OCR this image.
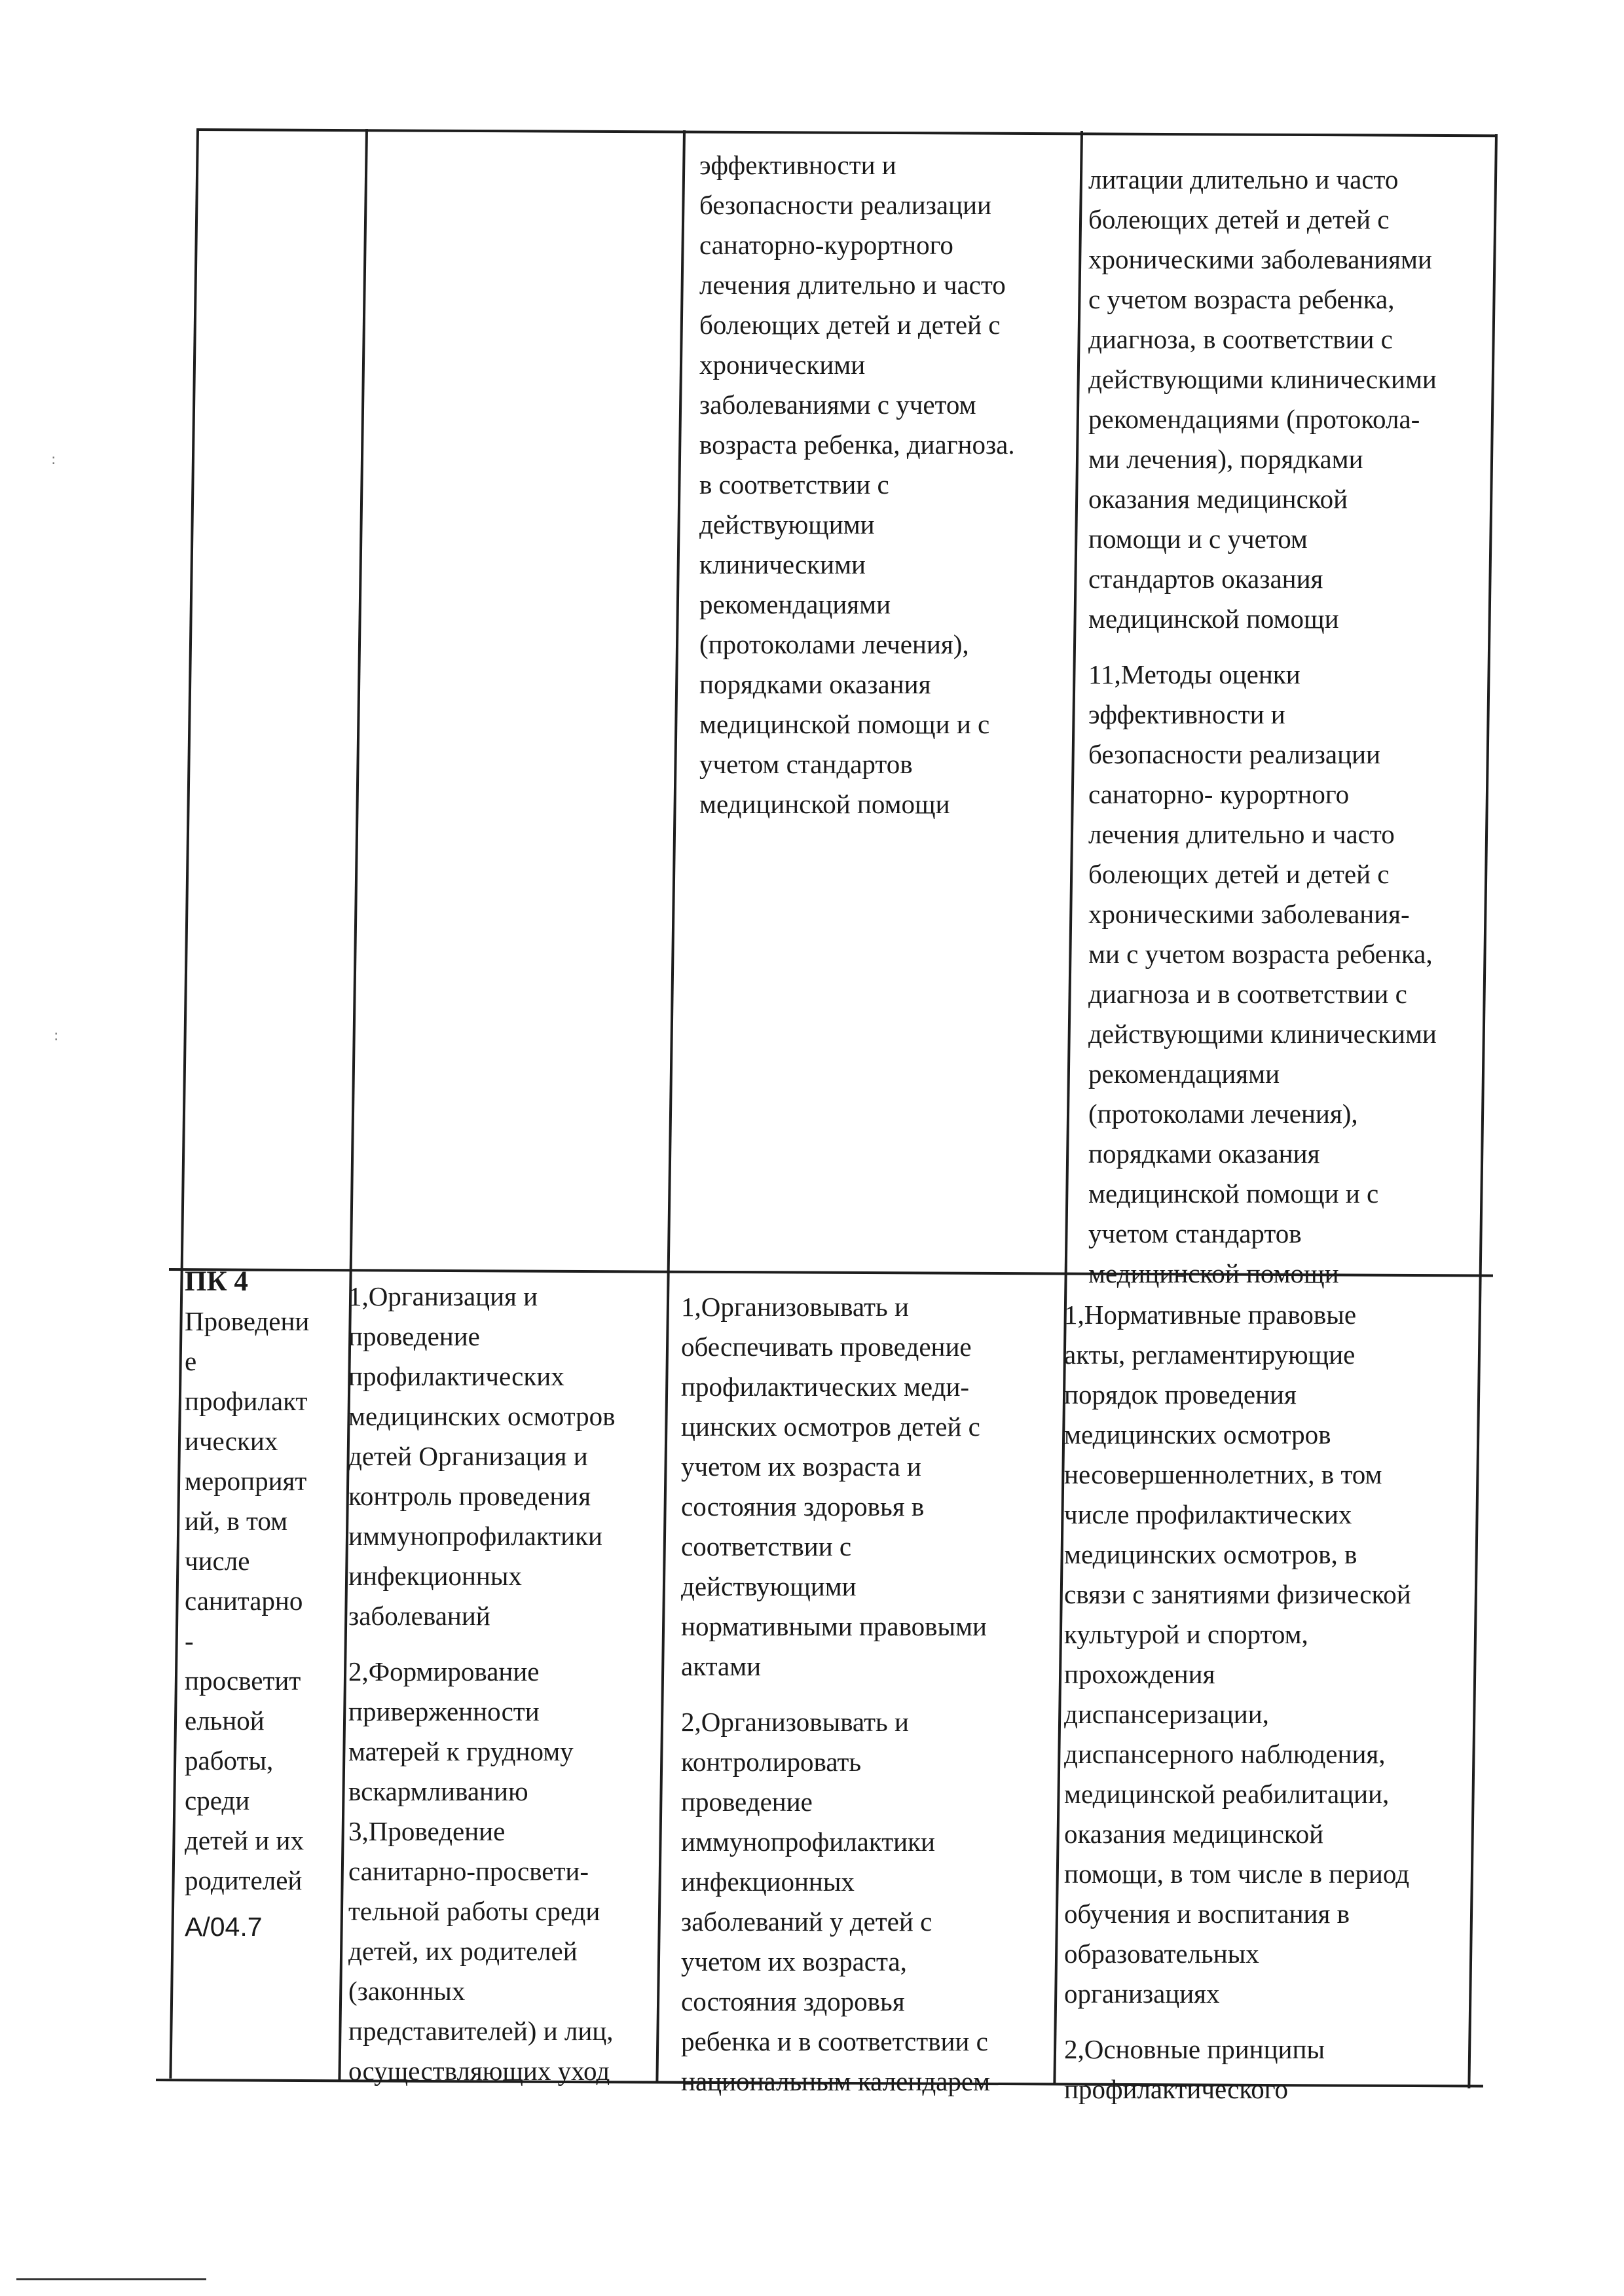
эффективности и
безопасности реализации
санаторно-курортного
лечения длительно и часто
болеющих детей и детей с
хроническими
заболеваниями с учетом
возраста ребенка, диагноза.
в соответствии с
действующими
клиническими
рекомендациями
(протоколами лечения),
порядками оказания
медицинской помощи и с
учетом стандартов
медицинской помощи
литации длительно и часто
болеющих детей и детей с
хроническими заболеваниями
с учетом возраста ребенка,
диагноза, в соответствии с
действующими клиническими
рекомендациями (протокола-
ми лечения), порядками
оказания медицинской
помощи и с учетом
стандартов оказания
медицинской помощи
11,Методы оценки
эффективности и
безопасности реализации
санаторно- курортного
лечения длительно и часто
болеющих детей и детей с
хроническими заболевания-
ми с учетом возраста ребенка,
диагноза и в соответствии с
действующими клиническими
рекомендациями
(протоколами лечения),
порядками оказания
медицинской помощи и с
учетом стандартов
медицинской помощи
ПК 4
Проведени
е
профилакт
ических
мероприят
ий, в том
числе
санитарно
-
просветит
ельной
работы,
среди
детей и их
родителей
А/04.7
1,Организация и
проведение
профилактических
медицинских осмотров
детей Организация и
контроль проведения
иммунопрофилактики
инфекционных
заболеваний
2,Формирование
приверженности
матерей к грудному
вскармливанию
3,Проведение
санитарно-просвети-
тельной работы среди
детей, их родителей
(законных
представителей) и лиц,
осуществляющих уход
1,Организовывать и
обеспечивать проведение
профилактических меди-
цинских осмотров детей с
учетом их возраста и
состояния здоровья в
соответствии с
действующими
нормативными правовыми
актами
2,Организовывать и
контролировать
проведение
иммунопрофилактики
инфекционных
заболеваний у детей с
учетом их возраста,
состояния здоровья
ребенка и в соответствии с
национальным календарем
1,Нормативные правовые
акты, регламентирующие
порядок проведения
медицинских осмотров
несовершеннолетних, в том
числе профилактических
медицинских осмотров, в
связи с занятиями физической
культурой и спортом,
прохождения
диспансеризации,
диспансерного наблюдения,
медицинской реабилитации,
оказания медицинской
помощи, в том числе в период
обучения и воспитания в
образовательных
организациях
2,Основные принципы
профилактического
:
:
